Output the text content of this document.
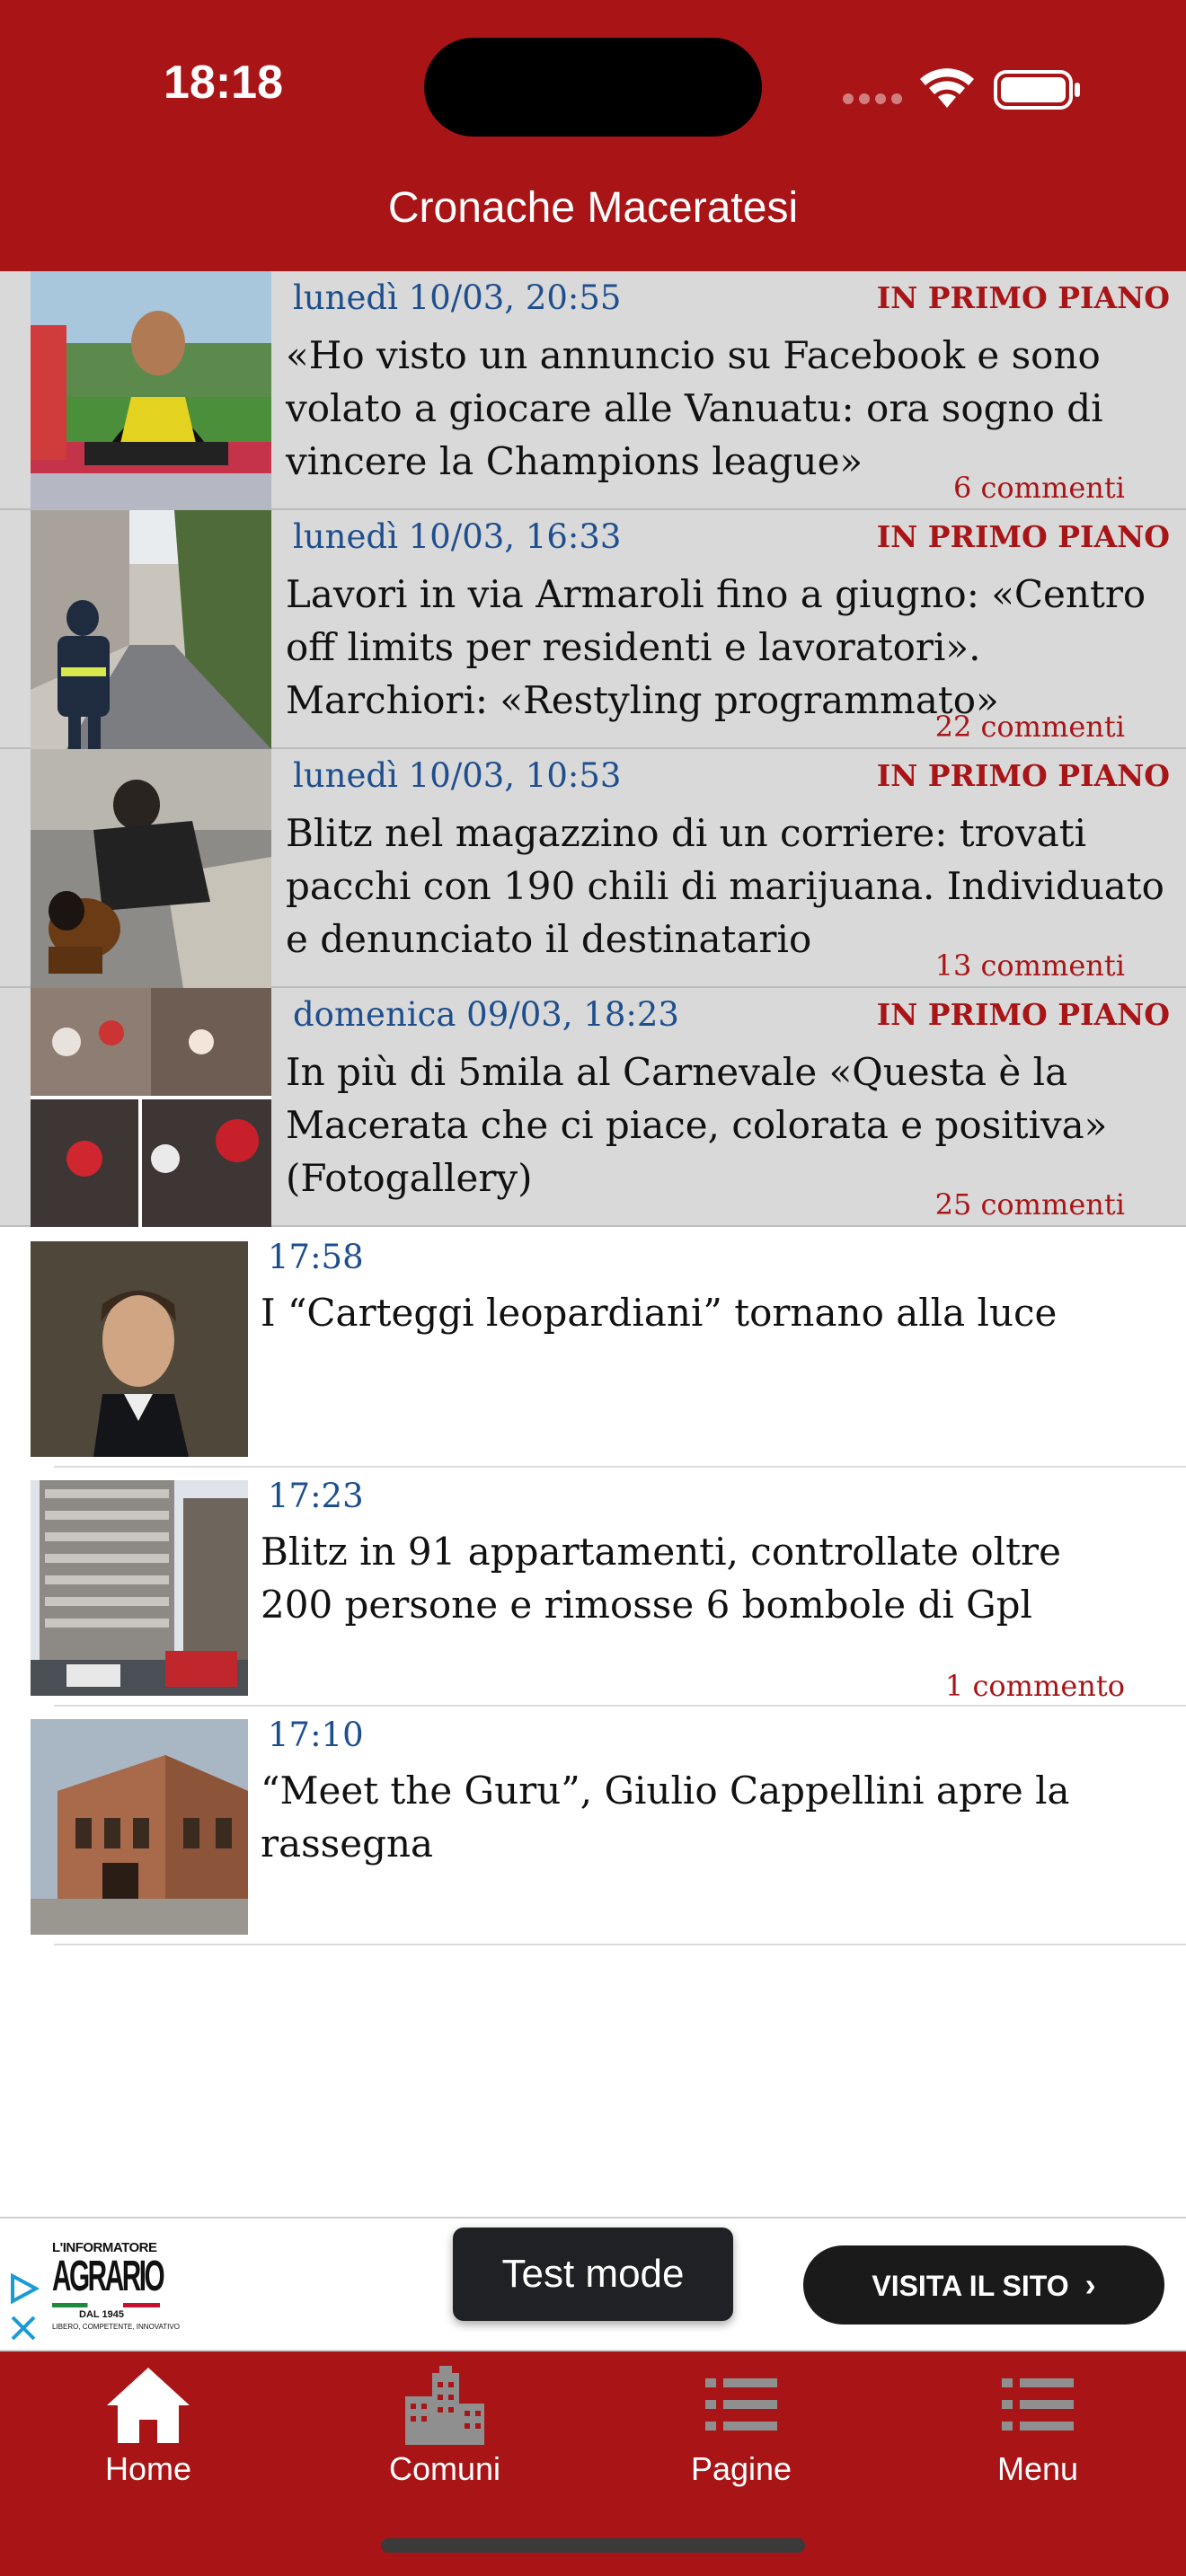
18:18
Cronache Maceratesi
lunedì 10/03, 20:55	IN PRIMO PIANO
«Ho visto un annuncio su Facebook e sono volato a giocare alle Vanuatu: ora sogno di vincere la Champions league»
6 commenti
lunedì 10/03, 16:33	IN PRIMO PIANO
Lavori in via Armaroli fino a giugno: «Centro off limits per residenti e lavoratori». Marchiori: «Restyling programmato»
22 commenti
lunedì 10/03, 10:53	IN PRIMO PIANO
Blitz nel magazzino di un corriere: trovati pacchi con 190 chili di marijuana. Individuato e denunciato il destinatario
13 commenti
domenica 09/03, 18:23	IN PRIMO PIANO
In più di 5mila al Carnevale «Questa è la Macerata che ci piace, colorata e positiva» (Fotogallery)
25 commenti
17:58
I “Carteggi leopardiani” tornano alla luce
17:23
Blitz in 91 appartamenti, controllate oltre 200 persone e rimosse 6 bombole di Gpl
1 commento
17:10
“Meet the Guru”, Giulio Cappellini apre la rassegna
L'INFORMATORE
AGRARIO
DAL 1945
LIBERO, COMPETENTE, INNOVATIVO
Test mode	VISITA IL SITO ›
Home	Comuni	Pagine	Menu
